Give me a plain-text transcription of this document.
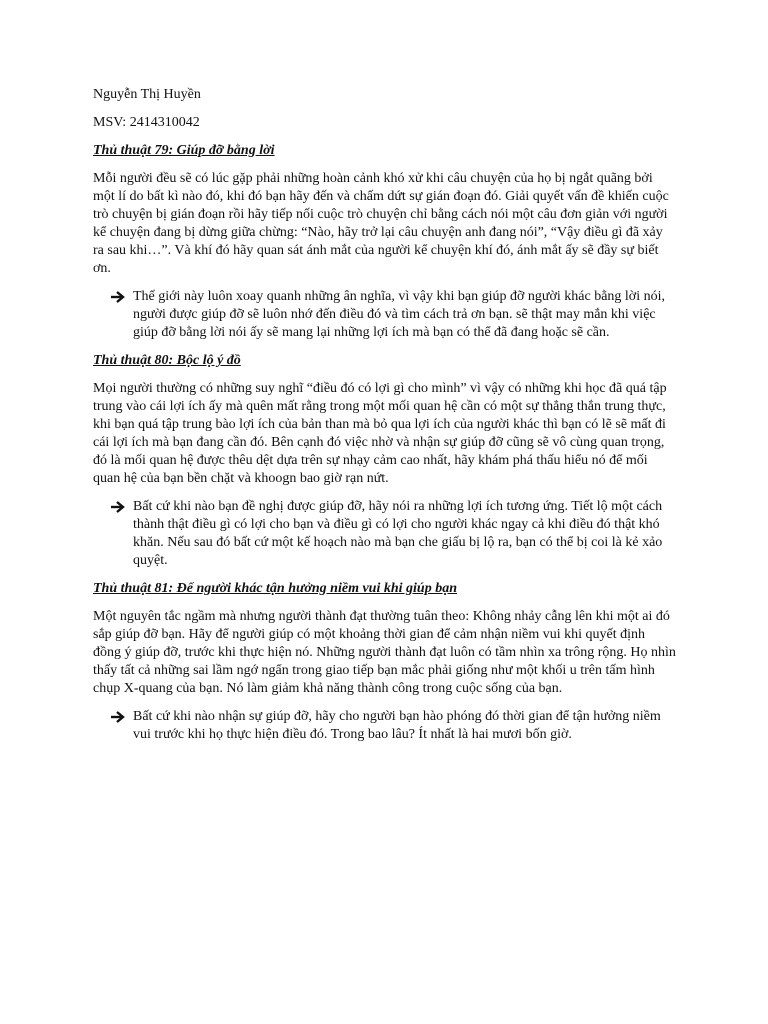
Nguyễn Thị Huyền

MSV: 2414310042

Thủ thuật 79: Giúp đỡ bằng lời

Mỗi người đều sẽ có lúc gặp phải những hoàn cảnh khó xử khi câu chuyện của họ bị ngắt quãng bởi một lí do bất kì nào đó, khi đó bạn hãy đến và chấm dứt sự gián đoạn đó. Giải quyết vấn đề khiến cuộc trò chuyện bị gián đoạn rồi hãy tiếp nối cuộc trò chuyện chỉ bằng cách nói một câu đơn giản với người kể chuyện đang bị dừng giữa chừng: “Nào, hãy trở lại câu chuyện anh đang nói”, “Vậy điều gì đã xảy ra sau khi…”. Và khí đó hãy quan sát ánh mắt của người kể chuyện khí đó, ánh mắt ấy sẽ đầy sự biết ơn.

Thế giới này luôn xoay quanh những ân nghĩa, vì vậy khi bạn giúp đỡ người khác bằng lời nói, người được giúp đỡ sẽ luôn nhớ đến điều đó và tìm cách trả ơn bạn. sẽ thật may mắn khi việc giúp đỡ bằng lời nói ấy sẽ mang lại những lợi ích mà bạn có thể đã đang hoặc sẽ cần.

Thủ thuật 80: Bộc lộ ý đồ

Mọi người thường có những suy nghĩ “điều đó có lợi gì cho mình” vì vậy có những khi học đã quá tập trung vào cái lợi ích ấy mà quên mất rằng trong một mối quan hệ cần có một sự thẳng thắn trung thực, khi bạn quá tập trung bào lợi ích của bản than mà bỏ qua lợi ích của người khác thì bạn có lẽ sẽ mất đi cái lợi ích mà bạn đang cần đó. Bên cạnh đó việc nhờ và nhận sự giúp đỡ cũng sẽ vô cùng quan trọng, đó là mối quan hệ được thêu dệt dựa trên sự nhạy cảm cao nhất, hãy khám phá thấu hiểu nó để mối quan hệ của bạn bền chặt và khoogn bao giờ rạn nứt.

Bất cứ khi nào bạn đề nghị được giúp đỡ, hãy nói ra những lợi ích tương ứng. Tiết lộ một cách thành thật điều gì có lợi cho bạn và điều gì có lợi cho người khác ngay cả khi điều đó thật khó khăn. Nếu sau đó bất cứ một kế hoạch nào mà bạn che giấu bị lộ ra, bạn có thể bị coi là kẻ xảo quyệt.

Thủ thuật 81: Để người khác tận hưởng niềm vui khi giúp bạn

Một nguyên tắc ngầm mà nhưng người thành đạt thường tuân theo: Không nhảy cẫng lên khi một ai đó sắp giúp đỡ bạn. Hãy để người giúp có một khoảng thời gian để cảm nhận niềm vui khi quyết định đồng ý giúp đỡ, trước khi thực hiện nó. Những người thành đạt luôn có tầm nhìn xa trông rộng. Họ nhìn thấy tất cả những sai lầm ngớ ngẩn trong giao tiếp bạn mắc phải giống như một khối u trên tấm hình chụp X-quang của bạn. Nó làm giảm khả năng thành công trong cuộc sống của bạn.

Bất cứ khi nào nhận sự giúp đỡ, hãy cho người bạn hào phóng đó thời gian để tận hưởng niềm vui trước khi họ thực hiện điều đó. Trong bao lâu? Ít nhất là hai mươi bốn giờ.
